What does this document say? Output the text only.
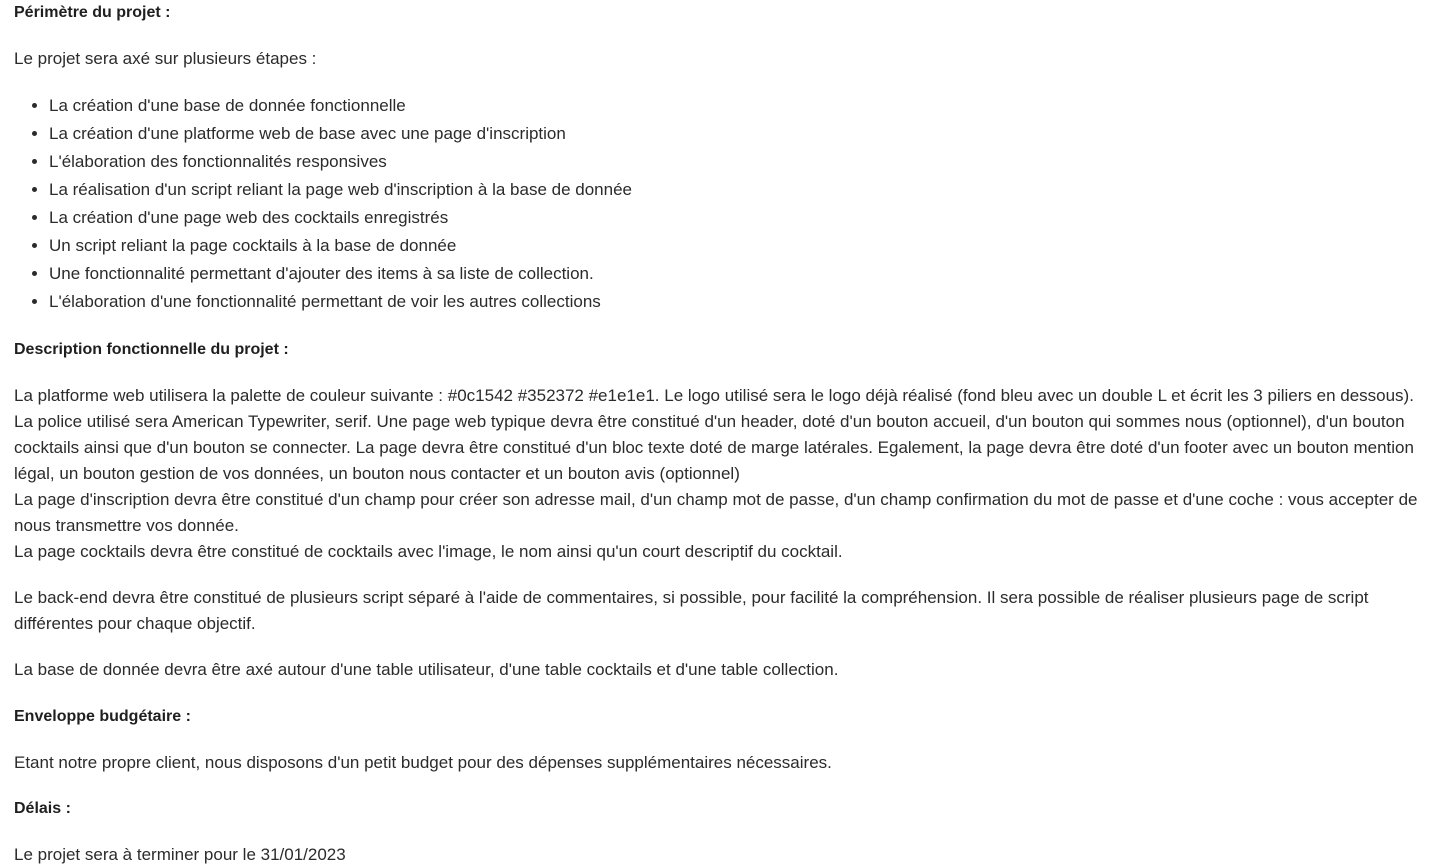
Périmètre du projet :

Le projet sera axé sur plusieurs étapes :

• La création d'une base de donnée fonctionnelle
• La création d'une platforme web de base avec une page d'inscription
• L'élaboration des fonctionnalités responsives
• La réalisation d'un script reliant la page web d'inscription à la base de donnée
• La création d'une page web des cocktails enregistrés
• Un script reliant la page cocktails à la base de donnée
• Une fonctionnalité permettant d'ajouter des items à sa liste de collection.
• L'élaboration d'une fonctionnalité permettant de voir les autres collections

Description fonctionnelle du projet :

La platforme web utilisera la palette de couleur suivante : #0c1542 #352372 #e1e1e1. Le logo utilisé sera le logo déjà réalisé (fond bleu avec un double L et écrit les 3 piliers en dessous). La police utilisé sera American Typewriter, serif. Une page web typique devra être constitué d'un header, doté d'un bouton accueil, d'un bouton qui sommes nous (optionnel), d'un bouton cocktails ainsi que d'un bouton se connecter. La page devra être constitué d'un bloc texte doté de marge latérales. Egalement, la page devra être doté d'un footer avec un bouton mention légal, un bouton gestion de vos données, un bouton nous contacter et un bouton avis (optionnel)
La page d'inscription devra être constitué d'un champ pour créer son adresse mail, d'un champ mot de passe, d'un champ confirmation du mot de passe et d'une coche : vous accepter de nous transmettre vos donnée.
La page cocktails devra être constitué de cocktails avec l'image, le nom ainsi qu'un court descriptif du cocktail.

Le back-end devra être constitué de plusieurs script séparé à l'aide de commentaires, si possible, pour facilité la compréhension. Il sera possible de réaliser plusieurs page de script différentes pour chaque objectif.

La base de donnée devra être axé autour d'une table utilisateur, d'une table cocktails et d'une table collection.

Enveloppe budgétaire :

Etant notre propre client, nous disposons d'un petit budget pour des dépenses supplémentaires nécessaires.

Délais :

Le projet sera à terminer pour le 31/01/2023
